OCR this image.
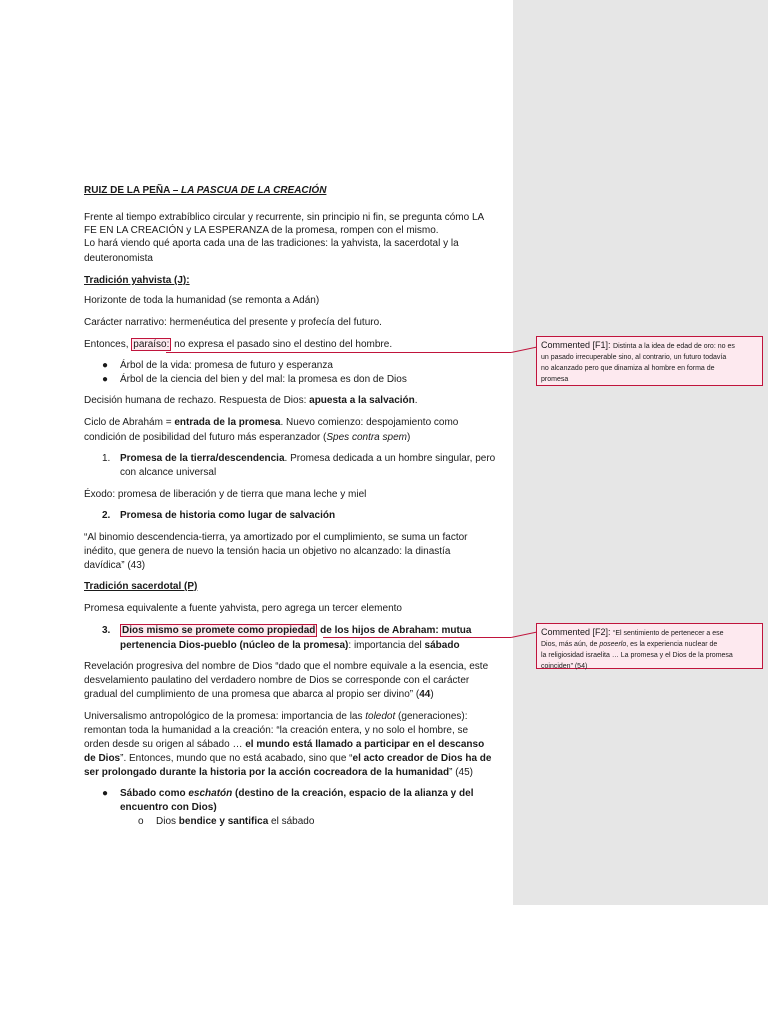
RUIZ DE LA PEÑA – LA PASCUA DE LA CREACIÓN

Frente al tiempo extrabíblico circular y recurrente, sin principio ni fin, se pregunta cómo LA

FE EN LA CREACIÓN y LA ESPERANZA de la promesa, rompen con el mismo.

Lo hará viendo qué aporta cada una de las tradiciones: la yahvista, la sacerdotal y la

deuteronomista

Tradición yahvista (J):

Horizonte de toda la humanidad (se remonta a Adán)

Carácter narrativo: hermenéutica del presente y profecía del futuro.

Entonces, paraíso: no expresa el pasado sino el destino del hombre.

● Árbol de la vida: promesa de futuro y esperanza

● Árbol de la ciencia del bien y del mal: la promesa es don de Dios

Decisión humana de rechazo. Respuesta de Dios: apuesta a la salvación.

Ciclo de Abrahám = entrada de la promesa. Nuevo comienzo: despojamiento como

condición de posibilidad del futuro más esperanzador (Spes contra spem)

1. Promesa de la tierra/descendencia. Promesa dedicada a un hombre singular, pero

con alcance universal

Éxodo: promesa de liberación y de tierra que mana leche y miel

2. Promesa de historia como lugar de salvación

“Al binomio descendencia-tierra, ya amortizado por el cumplimiento, se suma un factor

inédito, que genera de nuevo la tensión hacia un objetivo no alcanzado: la dinastía

davídica” (43)

Tradición sacerdotal (P)

Promesa equivalente a fuente yahvista, pero agrega un tercer elemento

3. Dios mismo se promete como propiedad de los hijos de Abraham: mutua

pertenencia Dios-pueblo (núcleo de la promesa): importancia del sábado

Revelación progresiva del nombre de Dios “dado que el nombre equivale a la esencia, este

desvelamiento paulatino del verdadero nombre de Dios se corresponde con el carácter

gradual del cumplimiento de una promesa que abarca al propio ser divino” (44)

Universalismo antropológico de la promesa: importancia de las toledot (generaciones):

remontan toda la humanidad a la creación: “la creación entera, y no solo el hombre, se

orden desde su origen al sábado … el mundo está llamado a participar en el descanso

de Dios”. Entonces, mundo que no está acabado, sino que “el acto creador de Dios ha de

ser prolongado durante la historia por la acción cocreadora de la humanidad” (45)

● Sábado como eschatón (destino de la creación, espacio de la alianza y del

encuentro con Dios)

o Dios bendice y santifica el sábado

Commented [F1]: Distinta a la idea de edad de oro: no es
un pasado irrecuperable sino, al contrario, un futuro todavía
no alcanzado pero que dinamiza al hombre en forma de
promesa
Commented [F2]: “El sentimiento de pertenecer a ese
Dios, más aún, de poseerlo, es la experiencia nuclear de
la religiosidad israelita … La promesa y el Dios de la promesa
coinciden” (54)
